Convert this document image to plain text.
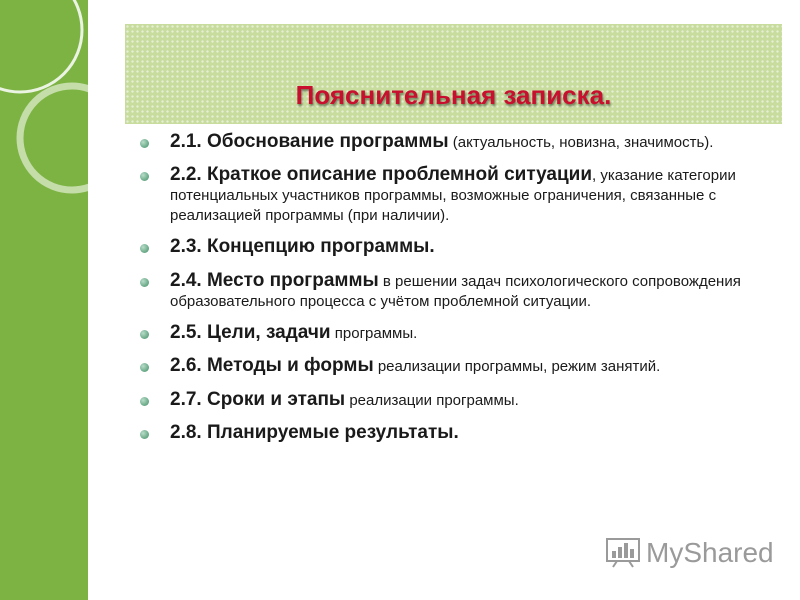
Пояснительная записка.
2.1. Обоснование программы (актуальность, новизна, значимость).
2.2. Краткое описание проблемной ситуации, указание категории потенциальных участников программы, возможные ограничения, связанные с реализацией программы (при наличии).
2.3. Концепцию программы.
2.4. Место программы в решении задач психологического сопровождения образовательного процесса с учётом проблемной ситуации.
2.5. Цели, задачи программы.
2.6. Методы и формы реализации программы, режим занятий.
2.7. Сроки и этапы реализации программы.
2.8. Планируемые результаты.
MyShared
